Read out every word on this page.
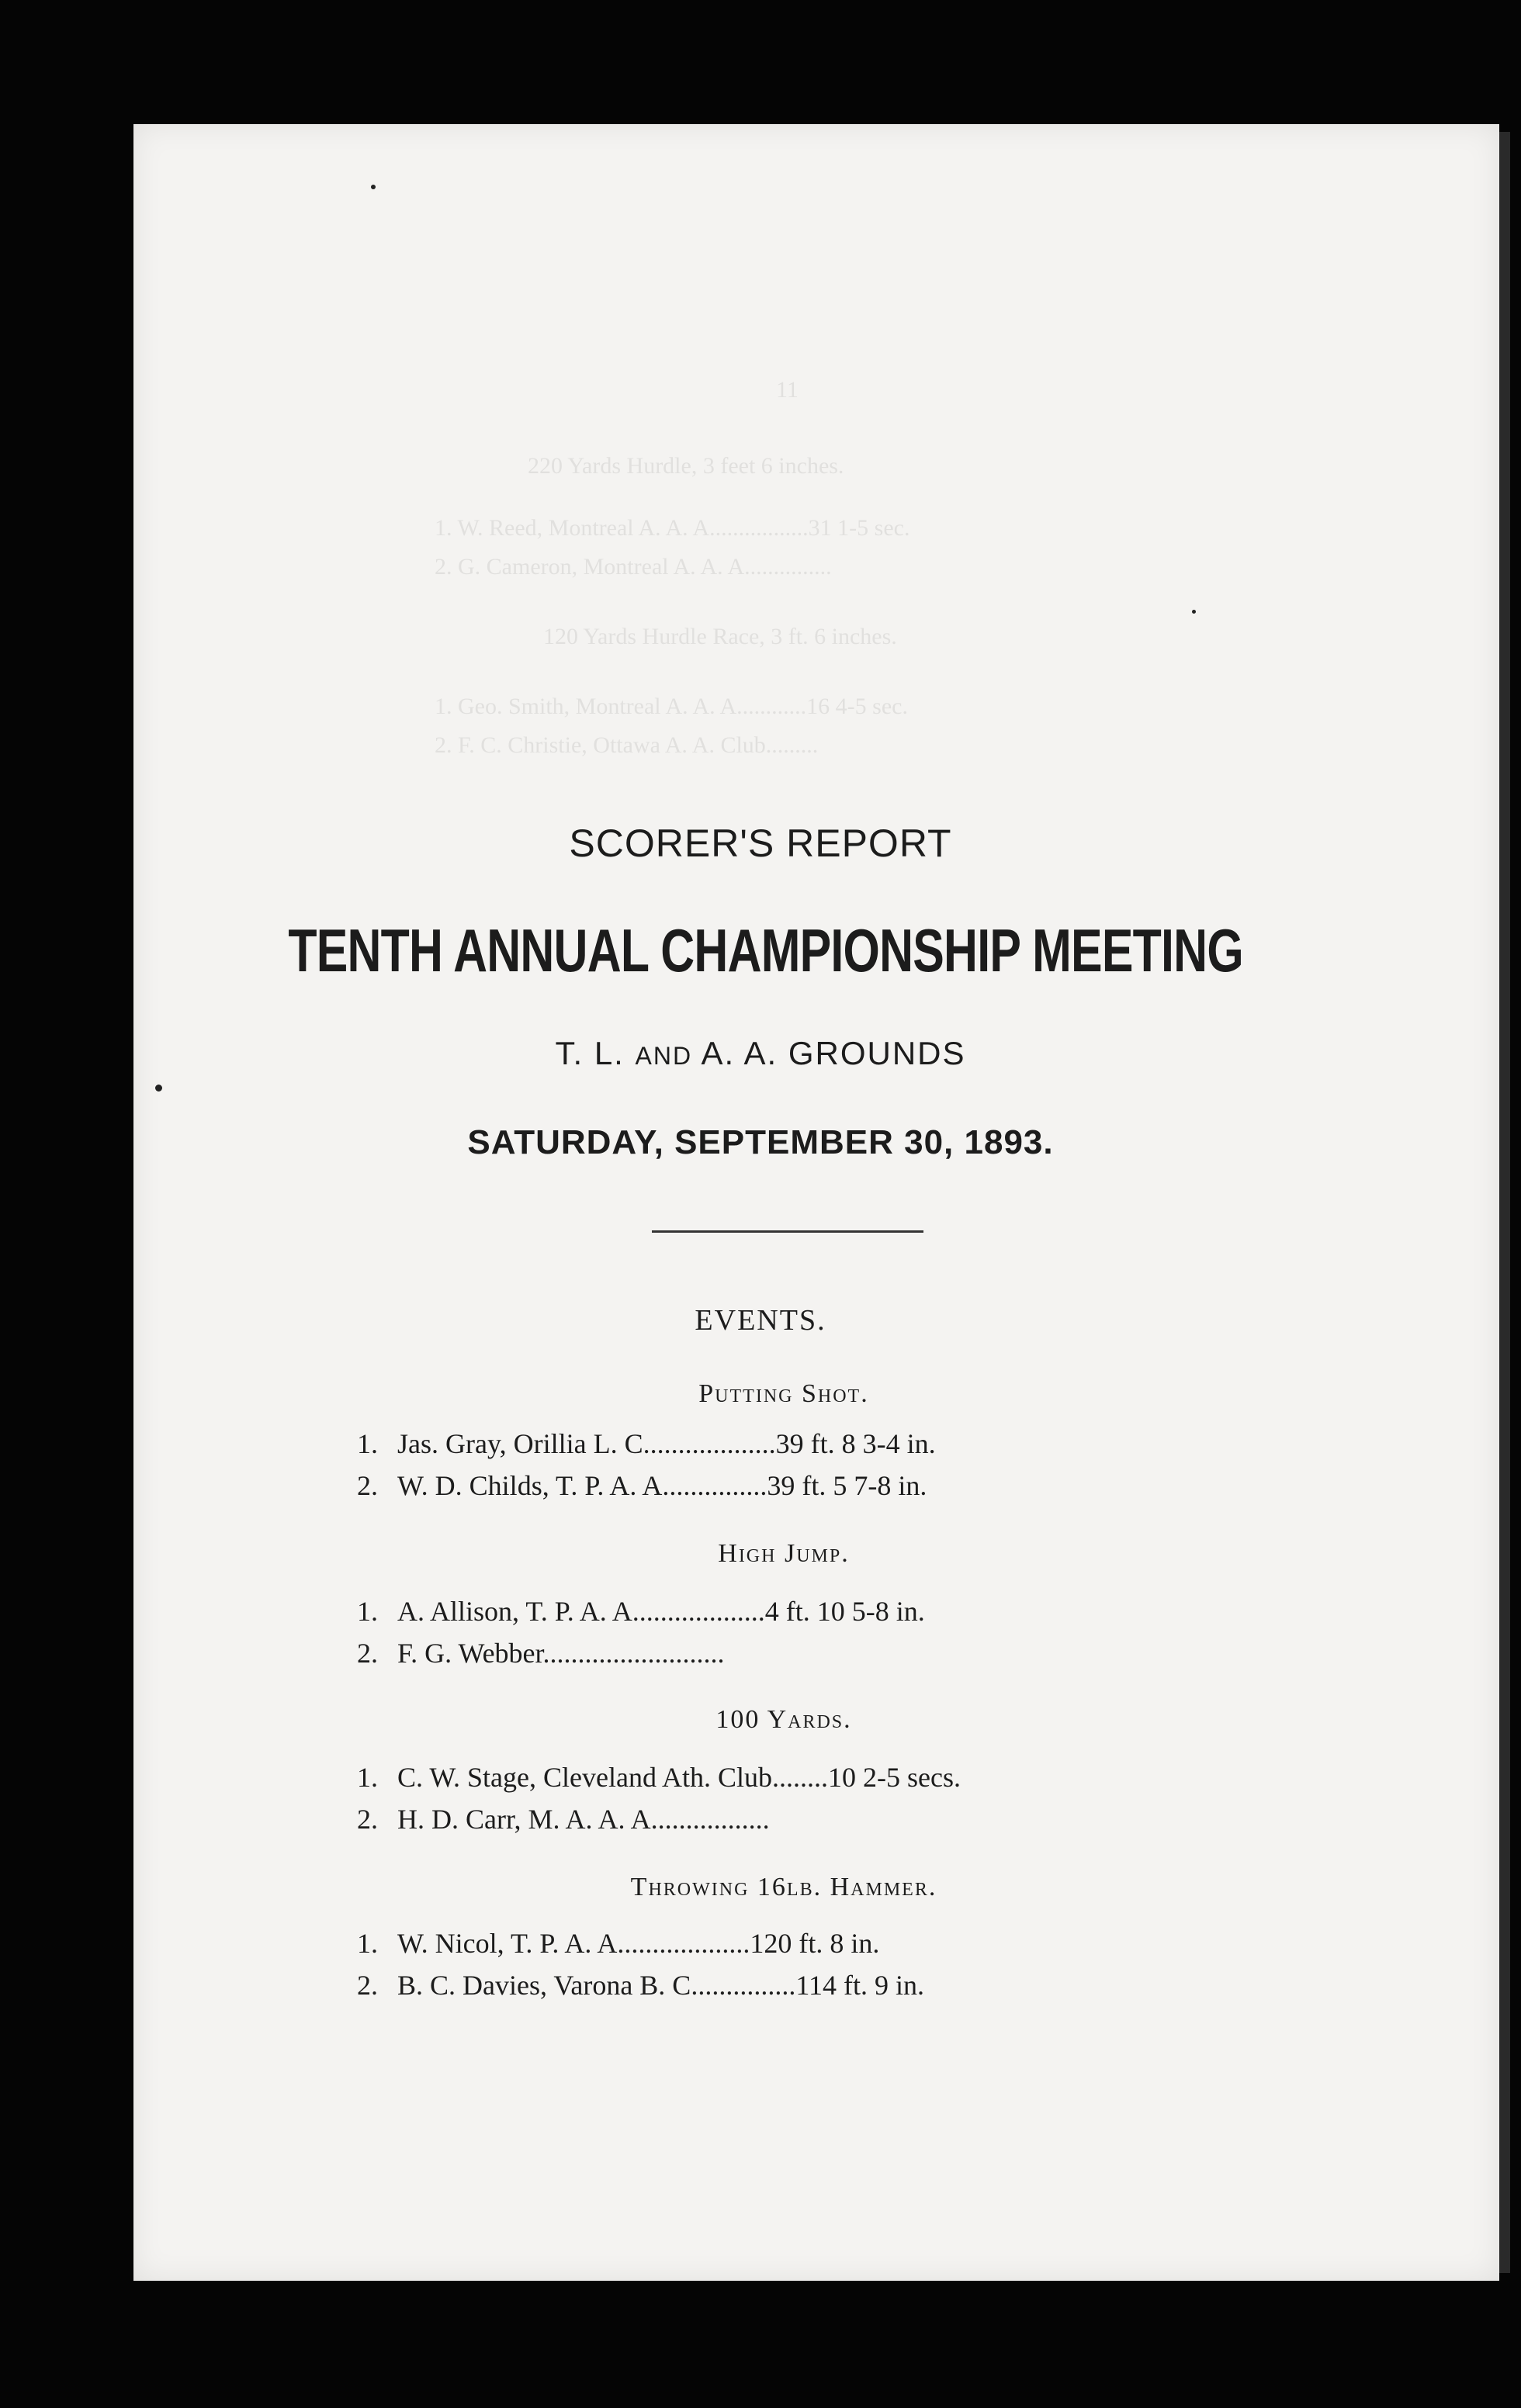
11
220 Yards Hurdle, 3 feet 6 inches.
1. W. Reed, Montreal A. A. A.................31 1-5 sec.
2. G. Cameron, Montreal A. A. A...............
120 Yards Hurdle Race, 3 ft. 6 inches.
1. Geo. Smith, Montreal A. A. A............16 4-5 sec.
2. F. C. Christie, Ottawa A. A. Club.........
SCORER'S REPORT
TENTH ANNUAL CHAMPIONSHIP MEETING
T. L. AND A. A. GROUNDS
SATURDAY, SEPTEMBER 30, 1893.
EVENTS.
Putting Shot.
1. Jas. Gray, Orillia L. C...................39 ft. 8 3-4 in.
2. W. D. Childs, T. P. A. A...............39 ft. 5 7-8 in.
High Jump.
1. A. Allison, T. P. A. A...................4 ft. 10 5-8 in.
2. F. G. Webber..........................
100 Yards.
1. C. W. Stage, Cleveland Ath. Club........10 2-5 secs.
2. H. D. Carr, M. A. A. A.................
Throwing 16lb. Hammer.
1. W. Nicol, T. P. A. A...................120 ft. 8 in.
2. B. C. Davies, Varona B. C...............114 ft. 9 in.
